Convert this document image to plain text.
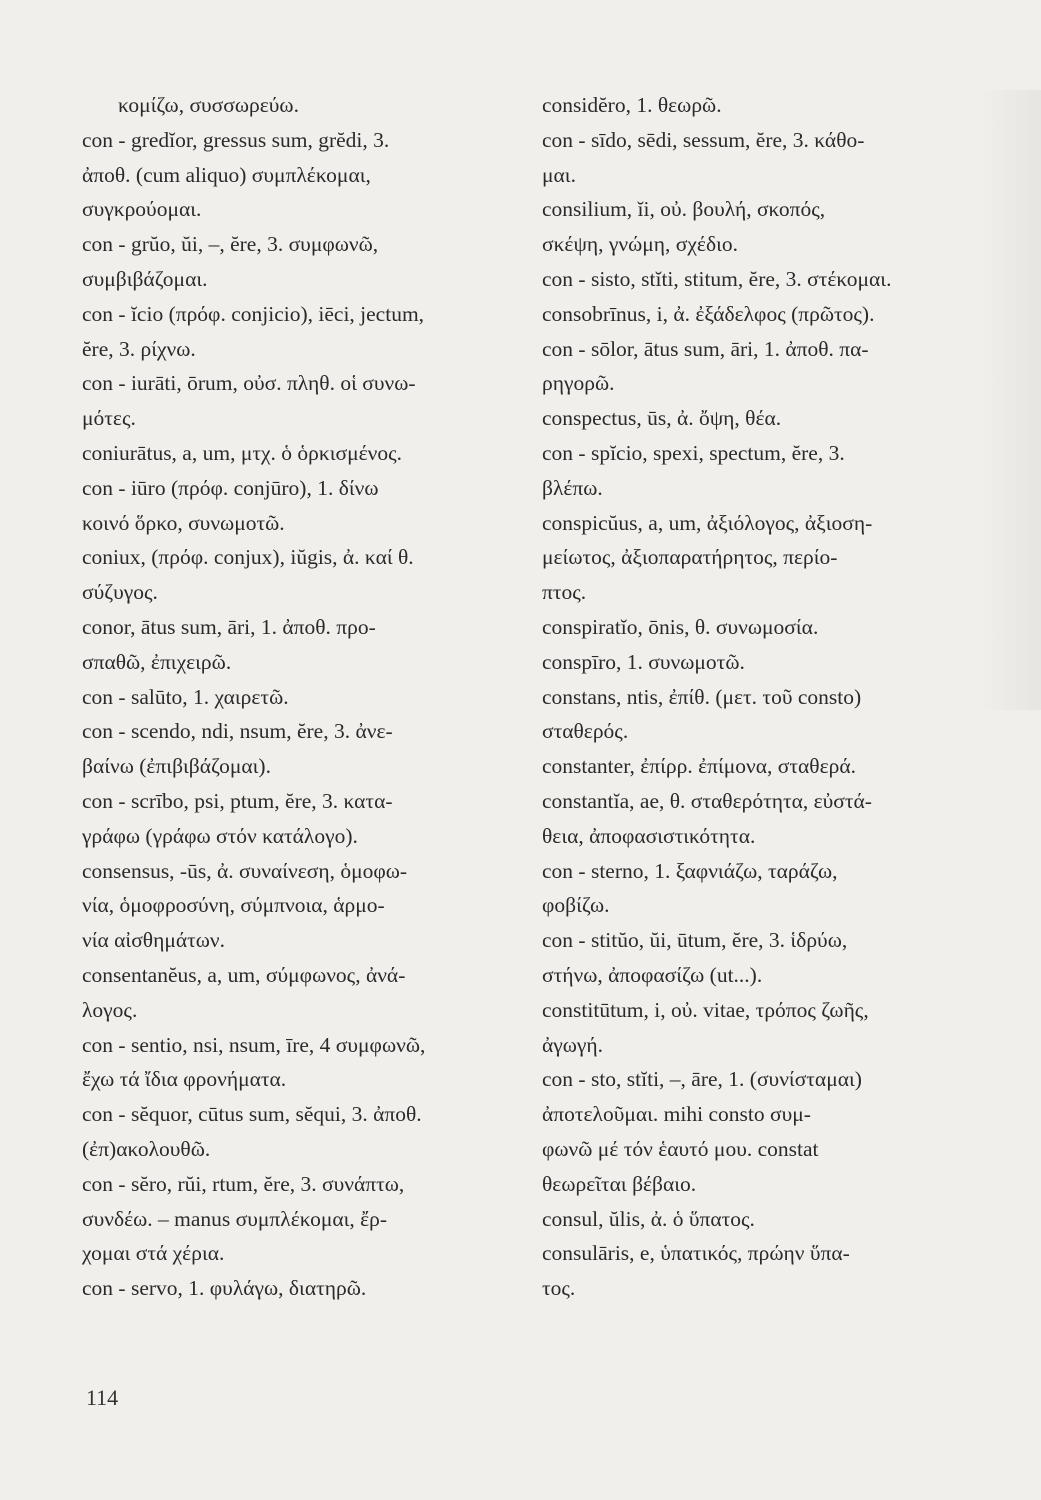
κομίζω, συσσωρεύω.
con - gredĭor, gressus sum, grĕdi, 3.
ἀποθ. (cum aliquo) συμπλέκομαι,
συγκρούομαι.
con - grŭo, ŭi, –, ĕre, 3. συμφωνῶ,
συμβιβάζομαι.
con - ĭcio (πρόφ. conjicio), iēci, jectum,
ĕre, 3. ρίχνω.
con - iurāti, ōrum, οὐσ. πληθ. οἱ συνω-
μότες.
coniurātus, a, um, μτχ. ὁ ὁρκισμένος.
con - iūro (πρόφ. conjūro), 1. δίνω
κοινό ὅρκο, συνωμοτῶ.
coniux, (πρόφ. conjux), iŭgis, ἀ. καί θ.
σύζυγος.
conor, ātus sum, āri, 1. ἀποθ. προ-
σπαθῶ, ἐπιχειρῶ.
con - salūto, 1. χαιρετῶ.
con - scendo, ndi, nsum, ĕre, 3. ἀνε-
βαίνω (ἐπιβιβάζομαι).
con - scrībo, psi, ptum, ĕre, 3. κατα-
γράφω (γράφω στόν κατάλογο).
consensus, -ūs, ἀ. συναίνεση, ὁμοφω-
νία, ὁμοφροσύνη, σύμπνοια, ἁρμο-
νία αἰσθημάτων.
consentanĕus, a, um, σύμφωνος, ἀνά-
λογος.
con - sentio, nsi, nsum, īre, 4 συμφωνῶ,
ἔχω τά ἴδια φρονήματα.
con - sĕquor, cūtus sum, sĕqui, 3. ἀποθ.
(ἐπ)ακολουθῶ.
con - sĕro, rŭi, rtum, ĕre, 3. συνάπτω,
συνδέω. – manus συμπλέκομαι, ἔρ-
χομαι στά χέρια.
con - servo, 1. φυλάγω, διατηρῶ.
considĕro, 1. θεωρῶ.
con - sīdo, sēdi, sessum, ĕre, 3. κάθο-
μαι.
consilium, ĭi, οὐ. βουλή, σκοπός,
σκέψη, γνώμη, σχέδιο.
con - sisto, stĭti, stitum, ĕre, 3. στέκομαι.
consobrīnus, i, ἀ. ἐξάδελφος (πρῶτος).
con - sōlor, ātus sum, āri, 1. ἀποθ. πα-
ρηγορῶ.
conspectus, ūs, ἀ. ὄψη, θέα.
con - spĭcio, spexi, spectum, ĕre, 3.
βλέπω.
conspicŭus, a, um, ἀξιόλογος, ἀξιοση-
μείωτος, ἀξιοπαρατήρητος, περίο-
πτος.
conspiratĭo, ōnis, θ. συνωμοσία.
conspīro, 1. συνωμοτῶ.
constans, ntis, ἐπίθ. (μετ. τοῦ consto)
σταθερός.
constanter, ἐπίρρ. ἐπίμονα, σταθερά.
constantĭa, ae, θ. σταθερότητα, εὐστά-
θεια, ἀποφασιστικότητα.
con - sterno, 1. ξαφνιάζω, ταράζω,
φοβίζω.
con - stitŭo, ŭi, ūtum, ĕre, 3. ἱδρύω,
στήνω, ἀποφασίζω (ut...).
constitūtum, i, οὐ. vitae, τρόπος ζωῆς,
ἀγωγή.
con - sto, stĭti, –, āre, 1. (συνίσταμαι)
ἀποτελοῦμαι. mihi consto συμ-
φωνῶ μέ τόν ἑαυτό μου. constat
θεωρεῖται βέβαιο.
consul, ŭlis, ἀ. ὁ ὕπατος.
consulāris, e, ὑπατικός, πρώην ὕπα-
τος.
114
